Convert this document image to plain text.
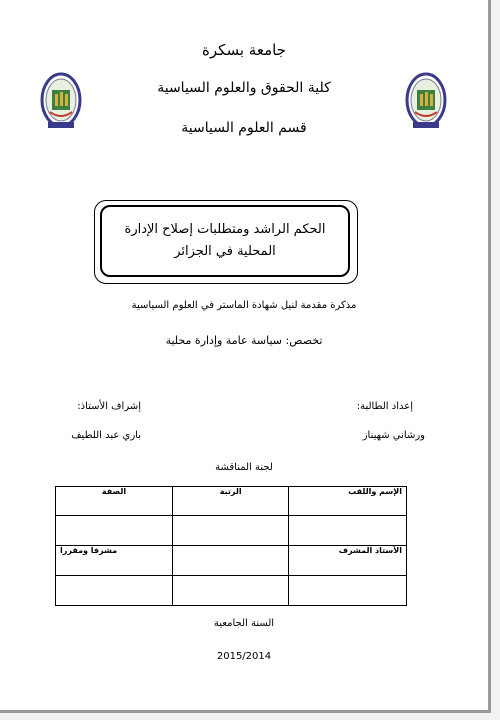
جامعة بسكرة
كلية الحقوق والعلوم السياسية
قسم العلوم السياسية
الحكم الراشد ومتطلبات إصلاح الإدارة المحلية في الجزائر
مذكرة مقدمة لنيل شهادة الماستر في العلوم السياسية
تخصص: سياسة عامة وإدارة محلية
إعداد الطالبة:
إشراف الأستاذ:
ورشاني شهيناز
باري عبد اللطيف
لجنة المناقشة
الإسم واللقب	الرتبة	الصفة

الأستاذ المشرف		مشرفا ومقررا

السنة الجامعية
2015/2014
